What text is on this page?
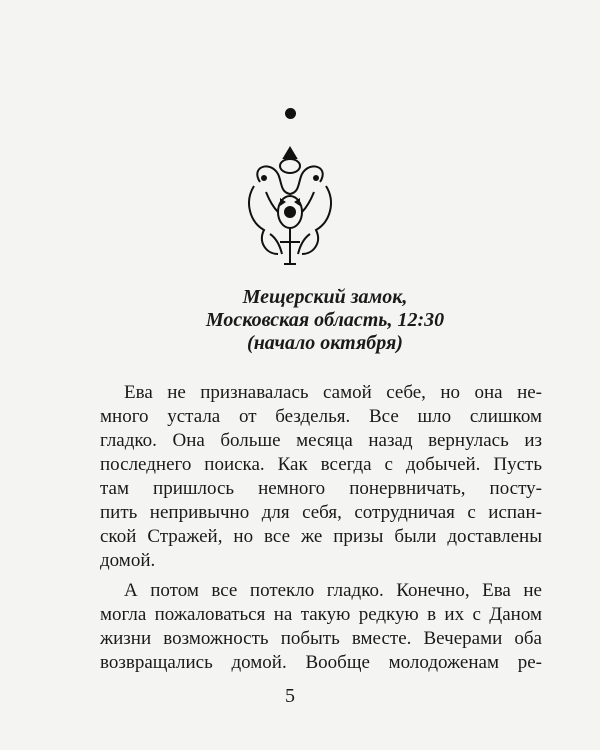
Мещерский замок,
Московская область, 12:30
(начало октября)
Ева не признавалась самой себе, но она не-
много устала от безделья. Все шло слишком
гладко. Она больше месяца назад вернулась из
последнего поиска. Как всегда с добычей. Пусть
там пришлось немного понервничать, посту-
пить непривычно для себя, сотрудничая с испан-
ской Стражей, но все же призы были доставлены
домой.
А потом все потекло гладко. Конечно, Ева не
могла пожаловаться на такую редкую в их с Даном
жизни возможность побыть вместе. Вечерами оба
возвращались домой. Вообще молодоженам ре-
5
